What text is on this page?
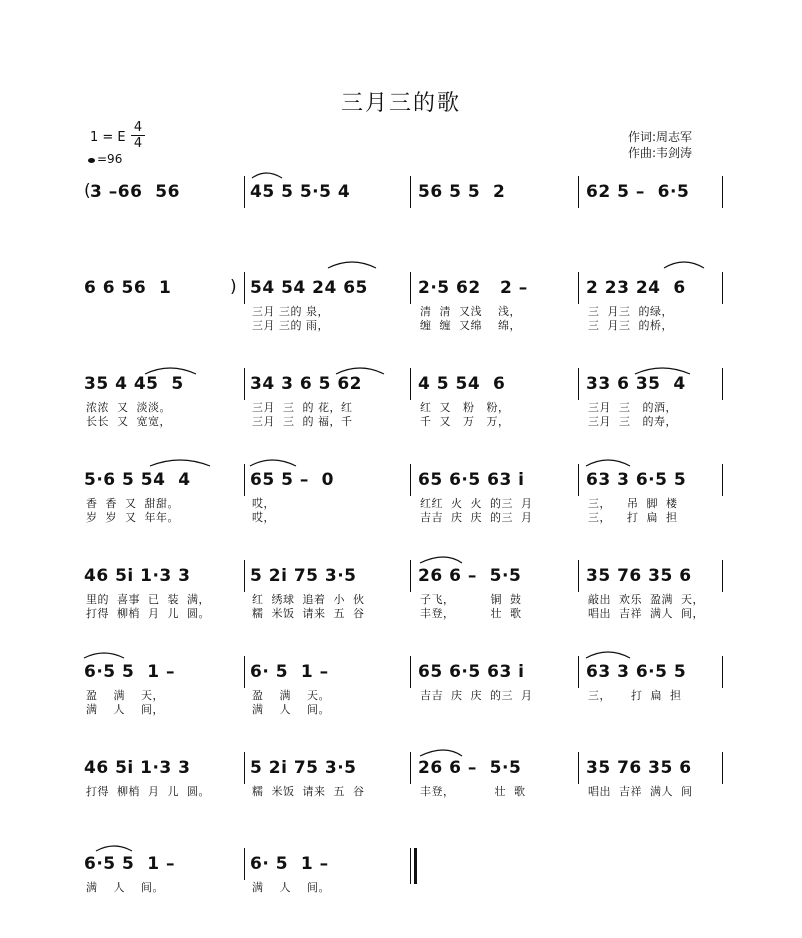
三月三的歌
1 = E
4
4
=96
作词:周志军
作曲:韦剑涛
3 –66  56	45 5 5·5 4	56 5 5  2	62 5 –  6·5
(
6 6 56  1	54 54 24 65
三月 三的 泉，
三月 三的 雨，
2·5 62   2 –
清  清  又浅    浅，
缠  缠  又绵    绵，
2 23 24  6
三  月三  的绿，
三  月三  的桥，
)
35 4 45  5
浓浓  又  淡淡。
长长  又  宽宽，
34 3 6 5 62
三月  三  的 花，红
三月  三  的 福，千
4 5 54  6
红  又   粉   粉，
千  又   万   万，
33 6 35  4
三月  三   的酒，
三月  三   的寿，
5·6 5 54  4
香  香  又  甜甜。
岁  岁  又  年年。
65 5 –  0
哎，
哎，
65 6·5 63 i
红红  火  火  的三  月
吉吉  庆  庆  的三  月
63 3 6·5 5
三，    吊  脚  楼
三，    打  扁  担
46 5i 1·3 3
里的  喜事  已  装  满，
打得  柳梢  月  儿  圆。
5 2i 75 3·5
红  绣球  追着  小  伙
糯  米饭  请来  五  谷
26 6 –  5·5
子飞，         铜  鼓
丰登，         壮  歌
35 76 35 6
敲出  欢乐  盈满  天，
唱出  吉祥  满人  间，
6·5 5  1 –
盈    满    天，
满    人    间，
6· 5  1 –
盈    满    天。
满    人    间。
65 6·5 63 i
吉吉  庆  庆  的三  月
63 3 6·5 5
三，     打  扁  担
46 5i 1·3 3
打得  柳梢  月  儿  圆。
5 2i 75 3·5
糯  米饭  请来  五  谷
26 6 –  5·5
丰登，          壮  歌
35 76 35 6
唱出  吉祥  满人  间
6·5 5  1 –
满    人    间。
6· 5  1 –
满    人    间。
